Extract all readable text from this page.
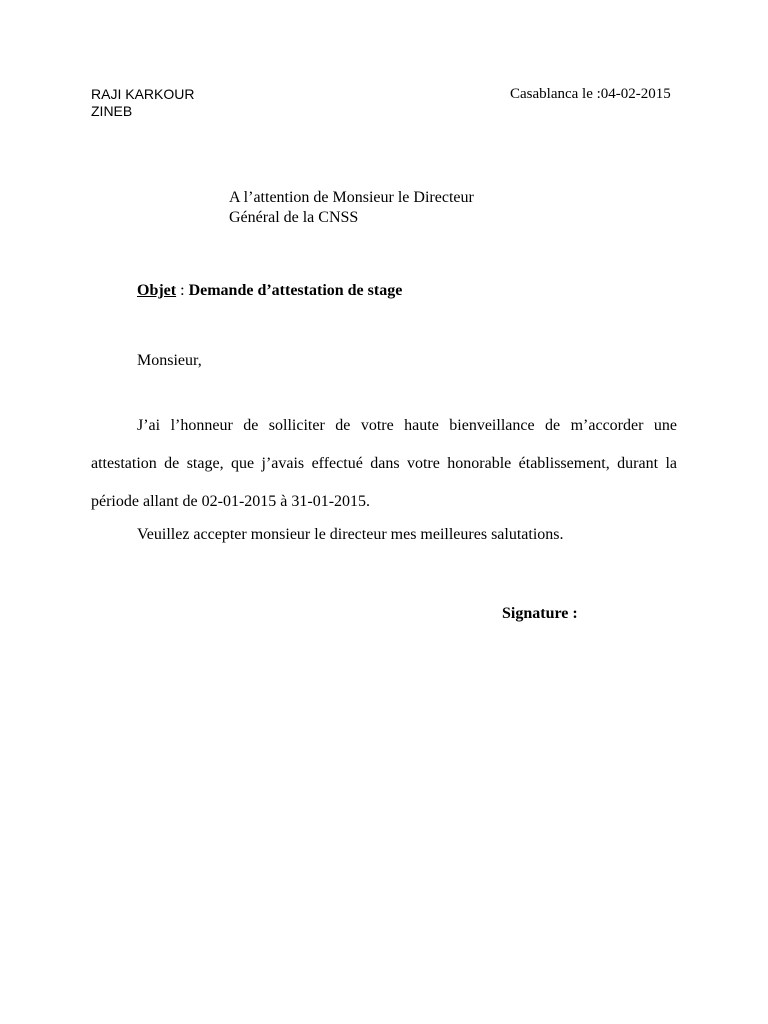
RAJI KARKOUR
ZINEB
Casablanca le :04-02-2015
A l’attention de Monsieur le Directeur
Général de la CNSS
Objet : Demande d’attestation de stage
Monsieur,
J’ai l’honneur de solliciter de votre haute bienveillance de m’accorder une attestation de stage, que j’avais effectué dans votre honorable établissement, durant la période allant de 02-01-2015 à 31-01-2015.
Veuillez accepter monsieur le directeur mes meilleures salutations.
Signature :
